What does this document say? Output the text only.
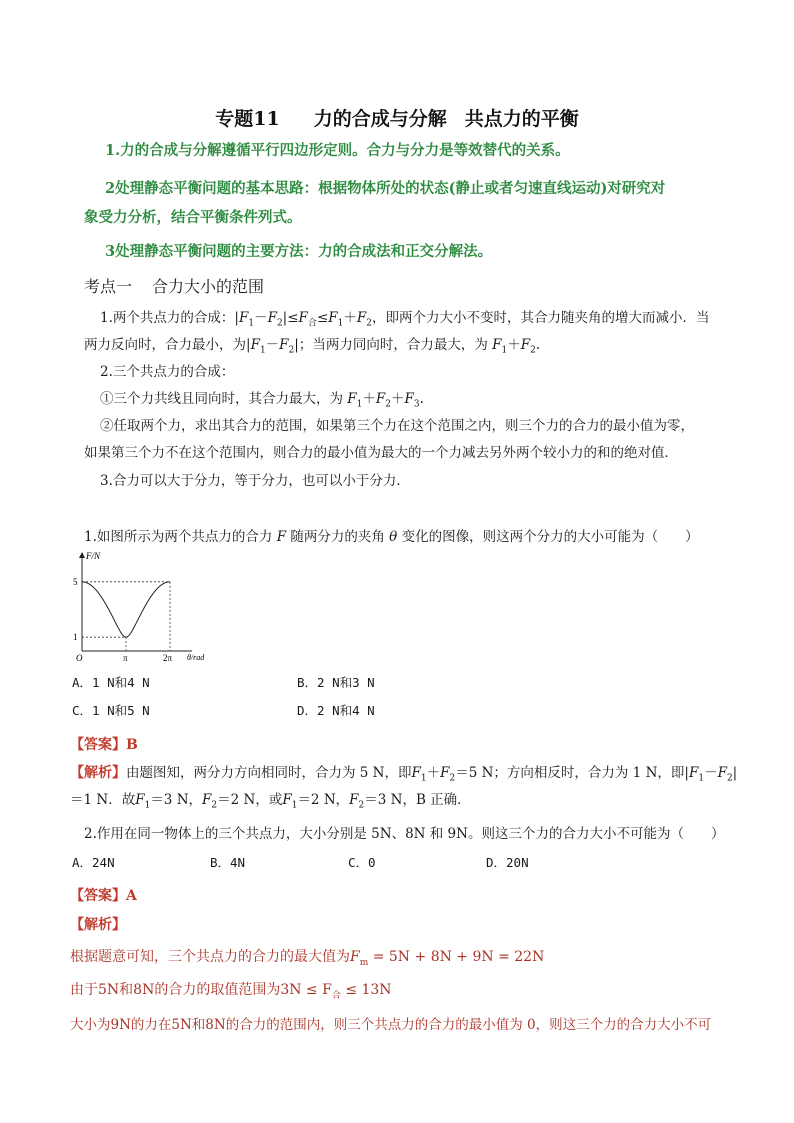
专题11 力的合成与分解 共点力的平衡
1.力的合成与分解遵循平行四边形定则。合力与分力是等效替代的关系。
2处理静态平衡问题的基本思路：根据物体所处的状态(静止或者匀速直线运动)对研究对
象受力分析，结合平衡条件列式。
3处理静态平衡问题的主要方法：力的合成法和正交分解法。
考点一 合力大小的范围
1.两个共点力的合成：$|F_1-F_2|\le F_合\le F_1+F_2$，即两个力大小不变时，其合力随夹角的增大而减小．当
两力反向时，合力最小，为$|F_1-F_2|$；当两力同向时，合力最大，为 $F_1+F_2$.
2.三个共点力的合成：
①三个力共线且同向时，其合力最大，为 $F_1+F_2+F_3$.
②任取两个力，求出其合力的范围，如果第三个力在这个范围之内，则三个力的合力的最小值为零，
如果第三个力不在这个范围内，则合力的最小值为最大的一个力减去另外两个较小力的和的绝对值．
3.合力可以大于分力，等于分力，也可以小于分力．
1.如图所示为两个共点力的合力 F 随两分力的夹角 θ 变化的图像，则这两个分力的大小可能为（　　）
F/N
θ/rad
O
5
1
π	2π
A．1 N和4 N	B．2 N和3 N
C．1 N和5 N	D．2 N和4 N
【答案】B
【解析】由题图知，两分力方向相同时，合力为 5 N，即$F_1+F_2=5$ N；方向相反时，合力为 1 N，即$|F_1-F_2|$
＝1 N．故$F_1=3$ N，$F_2=2$ N，或$F_1=2$ N，$F_2=3$ N，B 正确．
2.作用在同一物体上的三个共点力，大小分别是 5N、8N 和 9N。则这三个力的合力大小不可能为（　　）
A．24N	B．4N	C．0	D．20N
【答案】A
【解析】
根据题意可知，三个共点力的合力的最大值为$F_m = 5N + 8N + 9N = 22N$
由于5N和8N的合力的取值范围为$3N \le F_合 \le 13N$
大小为9N的力在5N和8N的合力的范围内，则三个共点力的合力的最小值为 0，则这三个力的合力大小不可
